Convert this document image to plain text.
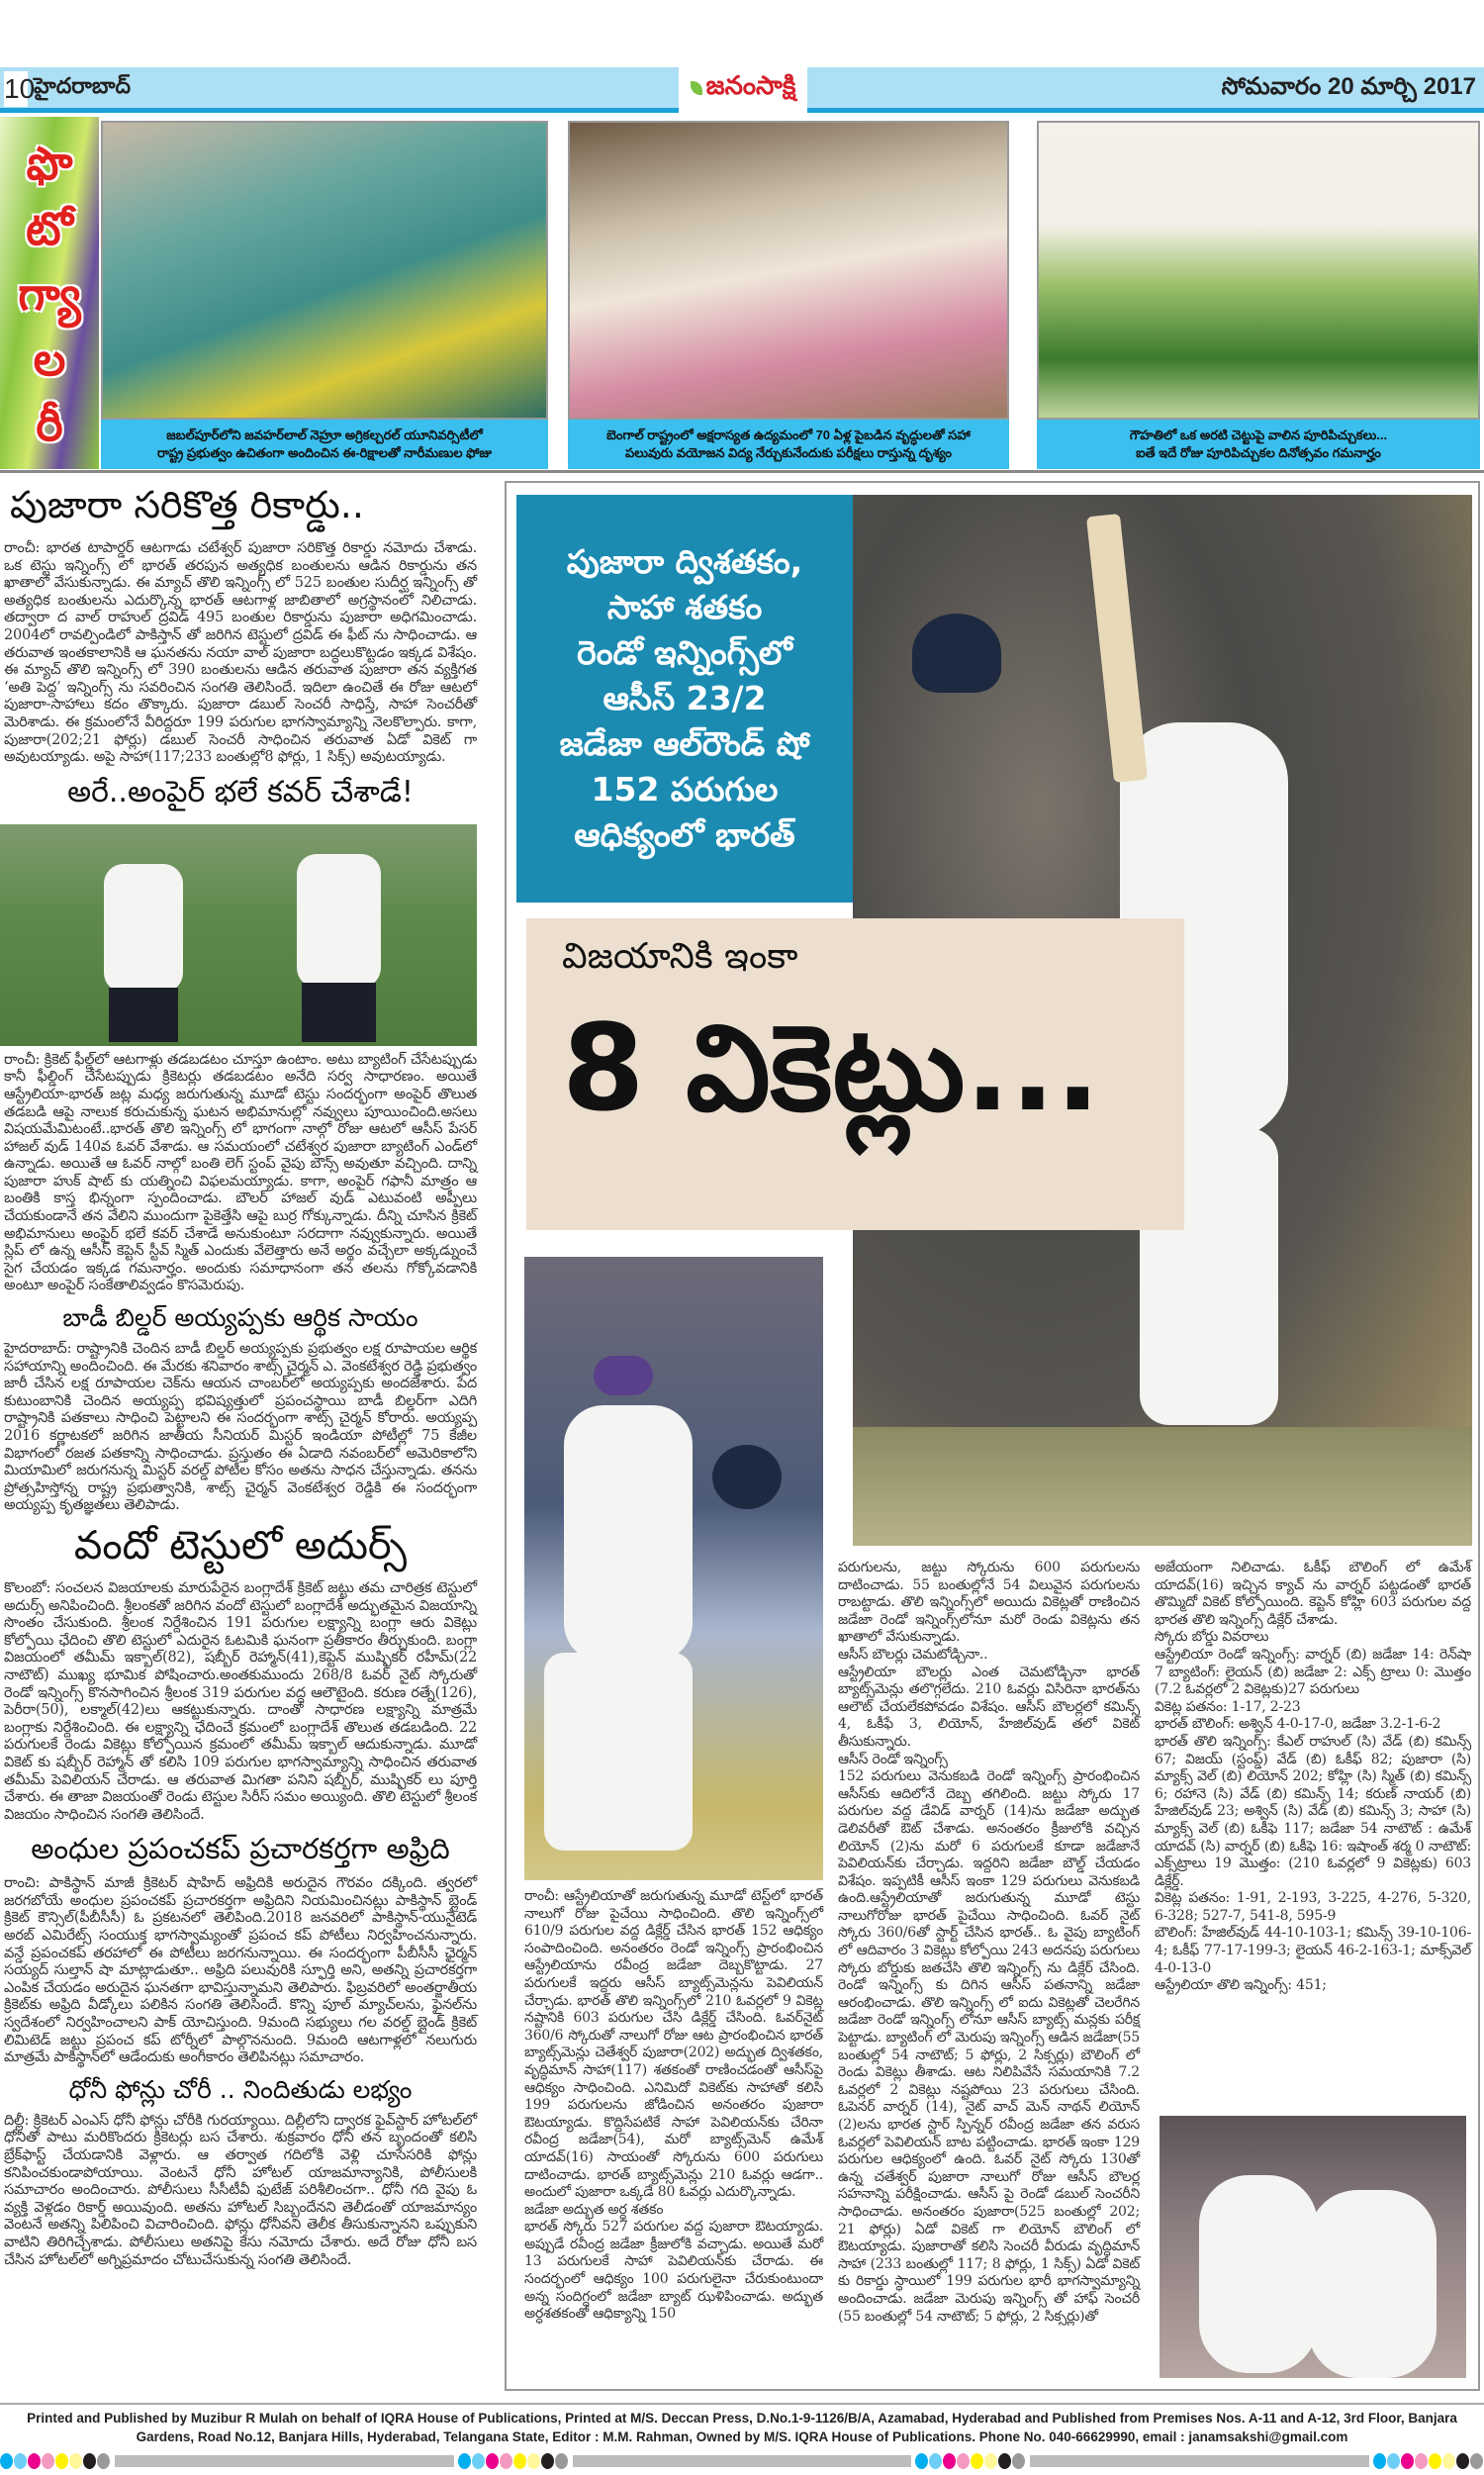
10
హైదరాబాద్	జనంసాక్షి	సోమవారం 20 మార్చి 2017
ఫొ
టో
గ్యా
ల
రీ	జబల్‌పూర్‌లోని జవహర్‌లాల్ నెహ్రూ అగ్రికల్చరల్ యూనివర్సిటీలో
రాష్ట్ర ప్రభుత్వం ఉచితంగా అందించిన ఈ-రిక్షాలతో నారీమణుల ఫోజు
బెంగాల్ రాష్ట్రంలో అక్షరాస్యత ఉద్యమంలో 70 ఏళ్ల పైబడిన వృద్ధులతో సహా
పలువురు వయోజన విద్య నేర్చుకునేందుకు పరీక్షలు రాస్తున్న దృశ్యం
గౌహతిలో ఒక అరటి చెట్టుపై వాలిన పూరిపిచ్చుకలు...
ఐతే ఇదే రోజు పూరిపిచ్చుకల దినోత్సవం గమనార్హం
పుజారా సరికొత్త రికార్డు..
రాంచీ: భారత టాపార్డర్ ఆటగాడు చటేశ్వర్ పుజారా సరికొత్త రికార్డు నమోదు చేశాడు. ఒక టెస్టు ఇన్నింగ్స్ లో భారత్ తరపున అత్యధిక బంతులను ఆడిన రికార్డును తన ఖాతాలో వేసుకున్నాడు. ఈ మ్యాచ్ తొలి ఇన్నింగ్స్ లో 525 బంతుల సుదీర్ఘ ఇన్నింగ్స్ తో అత్యధిక బంతులను ఎదుర్కొన్న భారత్ ఆటగాళ్ల జాబితాలో అగ్రస్థానంలో నిలిచాడు. తద్వారా ద వాల్ రాహుల్ ద్రవిడ్ 495 బంతుల రికార్డును పుజారా అధిగమించాడు. 2004లో రావల్పిండిలో పాకిస్తాన్ తో జరిగిన టెస్టులో ద్రవిడ్ ఈ ఫీట్ ను సాధించాడు. ఆ తరువాత ఇంతకాలానికి ఆ ఘనతను నయా వాల్ పుజారా బద్ధలుకొట్టడం ఇక్కడ విశేషం. ఈ మ్యాచ్ తొలి ఇన్నింగ్స్ లో 390 బంతులను ఆడిన తరువాత పుజారా తన వ్యక్తిగత ‘అతి పెద్ద’ ఇన్నింగ్స్ ను సవరించిన సంగతి తెలిసిందే. ఇదిలా ఉంచితే ఈ రోజు ఆటలో పుజారా-సాహాలు కదం తొక్కారు. పుజారా డబుల్ సెంచరీ సాధిస్తే, సాహా సెంచరీతో మెరిశాడు. ఈ క్రమంలోనే వీరిద్దరూ 199 పరుగుల భాగస్వామ్యాన్ని నెలకొల్పారు. కాగా, పుజారా(202;21 ఫోర్లు) డబుల్ సెంచరీ సాధించిన తరువాత ఏడో వికెట్ గా అవుటయ్యాడు. అపై సాహా(117;233 బంతుల్లో8 ఫోర్లు, 1 సిక్స్) అవుటయ్యాడు.
అరే..అంపైర్ భలే కవర్ చేశాడే!
రాంచీ: క్రికెట్ ఫీల్డ్‌లో ఆటగాళ్లు తడబడటం చూస్తూ ఉంటాం. అటు బ్యాటింగ్ చేసేటప్పుడు కానీ ఫీల్డింగ్ చేసేటప్పుడు క్రికెటర్లు తడబడటం అనేది సర్వ సాధారణం. అయితే ఆస్ట్రేలియా-భారత్ జట్ల మధ్య జరుగుతున్న మూడో టెస్టు సందర్భంగా అంపైర్ తొలుత తడబడి ఆపై నాలుక కరుచుకున్న ఘటన అభిమానుల్లో నవ్వులు పూయించింది.అసలు విషయమేమిటంటే..భారత్ తొలి ఇన్నింగ్స్ లో భాగంగా నాల్గో రోజు ఆటలో ఆసీస్ పేసర్ హాజల్ వుడ్ 140వ ఓవర్ వేశాడు. ఆ సమయంలో చటేశ్వర పుజారా బ్యాటింగ్ ఎండ్‌లో ఉన్నాడు. అయితే ఆ ఓవర్ నాల్గో బంతి లెగ్ స్టంప్ వైపు బౌన్స్ అవుతూ వచ్చింది. దాన్ని పుజారా హుక్ షాట్ కు యత్నించి విఫలమయ్యాడు. కాగా, అంపైర్ గఫానీ మాత్రం ఆ బంతికి కాస్త భిన్నంగా స్పందించాడు. బౌలర్ హాజల్ వుడ్ ఎటువంటి అప్పీలు చేయకుండానే తన వేలిని ముందుగా పైకెత్తేసి ఆపై బుర్ర గోక్కున్నాడు. దీన్ని చూసిన క్రికెట్ అభిమానులు అంపైర్ భలే కవర్ చేశాడే అనుకుంటూ సరదాగా నవ్వుకున్నారు. అయితే స్లిప్ లో ఉన్న ఆసీస్ కెప్టెన్ స్టీవ్ స్మిత్ ఎందుకు వేలెత్తారు అనే అర్థం వచ్చేలా అక్కడ్నుంచే సైగ చేయడం ఇక్కడ గమనార్హం. అందుకు సమాధానంగా తన తలను గోక్కోవడానికి అంటూ అంపైర్ సంకేతాలివ్వడం కొసమెరుపు.
బాడీ బిల్డర్ అయ్యప్పకు ఆర్థిక సాయం
హైదరాబాద్: రాష్ట్రానికి చెందిన బాడీ బిల్డర్ అయ్యప్పకు ప్రభుత్వం లక్ష రూపాయల ఆర్థిక సహాయాన్ని అందించింది. ఈ మేరకు శనివారం శాట్స్ చైర్మన్ ఎ. వెంకటేశ్వర రెడ్డి ప్రభుత్వం జారీ చేసిన లక్ష రూపాయల చెక్‌ను ఆయన చాంబర్‌లో అయ్యప్పకు అందజేశారు. పేద కుటుంబానికి చెందిన అయ్యప్ప భవిష్యత్తులో ప్రపంచస్థాయి బాడీ బిల్డర్‌గా ఎదిగి రాష్ట్రానికి పతకాలు సాధించి పెట్టాలని ఈ సందర్భంగా శాట్స్ చైర్మన్ కోరారు. అయ్యప్ప 2016 కర్ణాటకలో జరిగిన జాతీయ సీనియర్ మిస్టర్ ఇండియా పోటీల్లో 75 కేజీల విభాగంలో రజత పతకాన్ని సాధించాడు. ప్రస్తుతం ఈ ఏడాది నవంబర్‌లో అమెరికాలోని మియామిలో జరుగనున్న మిస్టర్ వరల్డ్ పోటీల కోసం అతను సాధన చేస్తున్నాడు. తనను ప్రోత్సహిస్తోన్న రాష్ట్ర ప్రభుత్వానికి, శాట్స్ చైర్మన్ వెంకటేశ్వర రెడ్డికి ఈ సందర్భంగా అయ్యప్ప కృతజ్ఞతలు తెలిపాడు.
వందో టెస్టులో అదుర్స్
కొలంబో: సంచలన విజయాలకు మారుపేరైన బంగ్లాదేశ్ క్రికెట్ జట్టు తమ చారిత్రక టెస్టులో అదుర్స్ అనిపించింది. శ్రీలంకతో జరిగిన వందో టెస్టులో బంగ్లాదేశ్ అద్భుతమైన విజయాన్ని సొంతం చేసుకుంది. శ్రీలంక నిర్దేశించిన 191 పరుగుల లక్ష్యాన్ని బంగ్లా ఆరు వికెట్లు కోల్పోయి ఛేదించి తొలి టెస్టులో ఎదురైన ఓటమికి ఘనంగా ప్రతీకారం తీర్చుకుంది. బంగ్లా విజయంలో తమీమ్ ఇక్బాల్(82), షబ్బీర్ రెహ్మాన్(41),కెప్టెన్ ముష్ఫికర్ రహీమ్(22 నాటౌట్) ముఖ్య భూమిక పోషించారు.అంతకుముందు 268/8 ఓవర్ నైట్ స్కోరుతో రెండో ఇన్నింగ్స్ కొనసాగించిన శ్రీలంక 319 పరుగుల వద్ద ఆలౌటైంది. కరుణ రత్నే(126), పెరీరా(50), లక్మాల్(42)లు ఆకట్టుకున్నారు. దాంతో సాధారణ లక్ష్యాన్ని మాత్రమే బంగ్లాకు నిర్దేశించింది. ఈ లక్ష్యాన్ని ఛేదించే క్రమంలో బంగ్లాదేశ్ తొలుత తడబడింది. 22 పరుగులకే రెండు వికెట్లు కోల్పోయిన క్రమంలో తమీమ్ ఇక్బాల్ ఆదుకున్నాడు. మూడో వికెట్ కు షబ్బీర్ రెహ్మాన్ తో కలిసి 109 పరుగుల భాగస్వామ్యాన్ని సాధించిన తరువాత తమీమ్ పెవిలియన్ చేరాడు. ఆ తరువాత మిగతా పనిని షబ్బీర్, ముష్ఫికర్ లు పూర్తి చేశారు. ఈ తాజా విజయంతో రెండు టెస్టుల సిరీస్ సమం అయ్యింది. తొలి టెస్టులో శ్రీలంక విజయం సాధించిన సంగతి తెలిసిందే.
అంధుల ప్రపంచకప్ ప్రచారకర్తగా అఫ్రిది
రాంచి: పాకిస్థాన్ మాజీ క్రికెటర్ షాహిద్ అఫ్రిదికి అరుదైన గౌరవం దక్కింది. త్వరలో జరగబోయే అంధుల ప్రపంచకప్ ప్రచారకర్తగా అఫ్రిదిని నియమించినట్లు పాకిస్థాన్ బ్లైండ్ క్రికెట్ కౌన్సిల్(పీబీసీసీ) ఓ ప్రకటనలో తెలిపింది.2018 జనవరిలో పాకిస్థాన్-యునైటెడ్ అరబ్ ఎమిరేట్స్ సంయుక్త భాగస్వామ్యంతో ప్రపంచ కప్ పోటీలు నిర్వహించనున్నారు. వన్డే ప్రపంచకప్ తరహాలో ఈ పోటీలు జరగనున్నాయి. ఈ సందర్భంగా పీబీసీసీ ఛైర్మన్ సయ్యద్ సుల్తాన్ షా మాట్లాడుతూ.. అఫ్రిది పలువురికి స్ఫూర్తి అని, అతన్ని ప్రచారకర్తగా ఎంపిక చేయడం అరుదైన ఘనతగా భావిస్తున్నామని తెలిపారు. ఫిబ్రవరిలో అంతర్జాతీయ క్రికెట్‌కు అఫ్రిది వీడ్కోలు పలికిన సంగతి తెలిసిందే. కొన్ని పూల్ మ్యాచ్‌లను, ఫైనల్‌ను స్వదేశంలో నిర్వహించాలని పాక్ యోచిస్తుంది. 9మంది సభ్యులు గల వరల్డ్ బ్లైండ్ క్రికెట్ లిమిటెడ్ జట్టు ప్రపంచ కప్ టోర్నీలో పాల్గొననుంది. 9మంది ఆటగాళ్లలో నలుగురు మాత్రమే పాకిస్థాన్‌లో ఆడేందుకు అంగీకారం తెలిపినట్లు సమాచారం.
ధోనీ ఫోన్లు చోరీ .. నిందితుడు లభ్యం
దిల్లీ: క్రికెటర్ ఎంఎస్ ధోనీ ఫోన్లు చోరీకి గురయ్యాయి. దిల్లీలోని ద్వారక ఫైవ్‌స్టార్ హోటల్‌లో ధోనీతో పాటు మరికొందరు క్రికెటర్లు బస చేశారు. శుక్రవారం ధోనీ తన బృందంతో కలిసి బ్రేక్‌ఫాస్ట్ చేయడానికి వెళ్లారు. ఆ తర్వాత గదిలోకి వెళ్లి చూసేసరికి ఫోన్లు కనిపించకుండాపోయాయి. వెంటనే ధోనీ హోటల్ యాజమాన్యానికి, పోలీసులకి సమాచారం అందించారు. పోలీసులు సీసీటీవీ ఫుటేజ్ పరిశీలించగా.. ధోనీ గది వైపు ఓ వ్యక్తి వెళ్లడం రికార్డ్ అయివుంది. అతను హోటల్ సిబ్బందేనని తెలీడంతో యాజమాన్యం వెంటనే అతన్ని పిలిపించి విచారించింది. ఫోన్లు ధోనీవని తెలీక తీసుకున్నానని ఒప్పుకుని వాటిని తిరిగిచ్చేశాడు. పోలీసులు అతనిపై కేసు నమోదు చేశారు. అదే రోజు ధోనీ బస చేసిన హోటల్‌లో అగ్నిప్రమాదం చోటుచేసుకున్న సంగతి తెలిసిందే.
పుజారా ద్విశతకం,
సాహా శతకం
రెండో ఇన్నింగ్స్‌లో
ఆసీస్ 23/2
జడేజా ఆల్‌రౌండ్ షో
152 పరుగుల
ఆధిక్యంలో భారత్
విజయానికి ఇంకా
8 వికెట్లు...

రాంచీ: ఆస్ట్రేలియాతో జరుగుతున్న మూడో టెస్ట్‌లో భారత్ నాలుగో రోజు పైచేయి సాధించింది. తొలి ఇన్నింగ్స్‌లో 610/9 పరుగుల వద్ద డిక్లేర్డ్ చేసిన భారత్ 152 ఆధిక్యం సంపాదించింది. అనంతరం రెండో ఇన్నింగ్స్ ప్రారంభించిన ఆస్ట్రేలియాను రవీంద్ర జడేజా దెబ్బకొట్టాడు. 27 పరుగులకే ఇద్దరు ఆసీస్ బ్యాట్స్‌మెన్లను పెవిలియన్ చేర్చాడు. భారత్ తొలి ఇన్నింగ్స్‌లో 210 ఓవర్లలో 9 వికెట్ల నష్టానికి 603 పరుగుల చేసి డిక్లేర్డ్ చేసింది. ఓవర్‌నైట్ 360/6 స్కోరుతో నాలుగో రోజు ఆట ప్రారంభించిన భారత్ బ్యాట్స్‌మెన్లు చెతేశ్వర్ పుజారా(202) అద్భుత ద్విశతకం, వృద్ధిమాన్ సాహా(117) శతకంతో రాణించడంతో ఆసీస్‌పై ఆధిక్యం సాధించింది. ఎనిమిదో వికెట్‌కు సాహాతో కలిసి 199 పరుగులను జోడించిన అనంతరం పుజారా ఔటయ్యాడు. కొద్దిసేపటికే సాహా పెవిలియన్‌కు చేరినా రవీంద్ర జడేజా(54), మరో బ్యాట్స్‌మెన్ ఉమేశ్ యాదవ్(16) సాయంతో స్కోరును 600 పరుగులు దాటించాడు. భారత్ బ్యాట్స్‌మెన్లు 210 ఓవర్లు ఆడగా.. అందులో పుజారా ఒక్కడే 80 ఓవర్లు ఎదుర్కొన్నాడు.

జడేజా అద్భుత అర్ధ శతకం

భారత్ స్కోరు 527 పరుగుల వద్ద పుజారా ఔటయ్యాడు. అప్పుడే రవీంద్ర జడేజా క్రీజులోకి వచ్చాడు. అయితే మరో 13 పరుగులకే సాహా పెవిలియన్‌కు చేరాడు. ఈ సందర్భంలో ఆధిక్యం 100 పరుగులైనా చేరుకుంటుందా అన్న సందిగ్ధంలో జడేజా బ్యాట్ ఝళిపించాడు. అద్భుత అర్ధశతకంతో ఆధిక్యాన్ని 150

పరుగులను, జట్టు స్కోరును 600 పరుగులను దాటించాడు. 55 బంతుల్లోనే 54 విలువైన పరుగులను రాబట్టాడు. తొలి ఇన్నింగ్స్‌లో అయిదు వికెట్లతో రాణించిన జడేజా రెండో ఇన్నింగ్స్‌లోనూ మరో రెండు వికెట్లను తన ఖాతాలో వేసుకున్నాడు.

ఆసీస్ బౌలర్లు చెమటోడ్చినా..

ఆస్ట్రేలియా బౌలర్లు ఎంత చెమటోడ్చినా భారత్ బ్యాట్స్‌మెన్లు తలొగ్గలేదు. 210 ఓవర్లు విసిరినా భారత్‌ను ఆలౌట్ చేయలేకపోవడం విశేషం. ఆసీస్ బౌలర్లలో కమిన్స్ 4, ఓకీఫే 3, లియోన్, హేజిల్‌వుడ్ తలో వికెట్ తీసుకున్నారు.

ఆసీస్ రెండో ఇన్నింగ్స్

152 పరుగులు వెనుకబడి రెండో ఇన్నింగ్స్ ప్రారంభించిన ఆసీస్‌కు ఆదిలోనే దెబ్బ తగిలింది. జట్టు స్కోరు 17 పరుగుల వద్ద డేవిడ్ వార్నర్ (14)ను జడేజా అద్భుత డెలివరీతో ఔట్ చేశాడు. అనంతరం క్రీజులోకి వచ్చిన లియోన్ (2)ను మరో 6 పరుగులకే కూడా జడేజానే పెవిలియన్‌కు చేర్చాడు. ఇద్దరిని జడేజా బౌల్డ్ చేయడం విశేషం. ఇప్పటికీ ఆసీస్ ఇంకా 129 పరుగులు వెనుకబడి ఉంది.ఆస్ట్రేలియాతో జరుగుతున్న మూడో టెస్టు నాలుగోరోజు భారత్ పైచేయి సాధించింది. ఓవర్ నైట్ స్కోరు 360/6తో స్టార్ట్ చేసిన భారత్.. ఓ వైపు బ్యాటింగ్ లో ఆదివారం 3 వికెట్లు కోల్పోయి 243 అదనపు పరుగులు స్కోరు బోర్డుకు జతచేసి తొలి ఇన్నింగ్స్ ను డిక్లేర్ చేసింది. రెండో ఇన్నింగ్స్ కు దిగిన ఆసీస్ పతనాన్ని జడేజా ఆరంభించాడు. తొలి ఇన్నింగ్స్ లో ఐదు వికెట్లతో చెలరేగిన జడేజా రెండో ఇన్నింగ్స్ లోనూ ఆసీస్ బ్యాట్స్ మన్లకు పరీక్ష పెట్టాడు. బ్యాటింగ్ లో మెరుపు ఇన్నింగ్స్ ఆడిన జడేజా(55 బంతుల్లో 54 నాటౌట్; 5 ఫోర్లు, 2 సిక్సర్లు) బౌలింగ్ లో రెండు వికెట్లు తీశాడు. ఆట నిలిపివేసే సమయానికి 7.2 ఓవర్లలో 2 వికెట్లు నష్టపోయి 23 పరుగులు చేసింది. ఓపెనర్ వార్నర్ (14), నైట్ వాచ్ మెన్ నాథన్ లియోన్ (2)లను భారత స్టార్ స్పిన్నర్ రవీంద్ర జడేజా తన వరుస ఓవర్లలో పెవిలియన్ బాట పట్టించాడు. భారత్ ఇంకా 129 పరుగుల ఆధిక్యంలో ఉంది. ఓవర్ నైట్ స్కోరు 130తో ఉన్న చతేశ్వర్ పుజారా నాలుగో రోజు ఆసీస్ బౌలర్ల సహనాన్ని పరీక్షించాడు. ఆసీస్ పై రెండో డబుల్ సెంచరీని సాధించాడు. అనంతరం పుజారా(525 బంతుల్లో 202; 21 ఫోర్లు) ఏడో వికెట్ గా లియోన్ బౌలింగ్ లో ఔటయ్యాడు. పుజారాతో కలిసి సెంచరీ వీరుడు వృద్ధిమాన్ సాహా (233 బంతుల్లో 117; 8 ఫోర్లు, 1 సిక్స్) ఏడో వికెట్ కు రికార్డు స్థాయిలో 199 పరుగుల భారీ భాగస్వామ్యాన్ని అందించాడు. జడేజా మెరుపు ఇన్నింగ్స్ తో హాఫ్ సెంచరీ (55 బంతుల్లో 54 నాటౌట్; 5 ఫోర్లు, 2 సిక్సర్లు)తో

అజేయంగా నిలిచాడు. ఓకీఫ్ బౌలింగ్ లో ఉమేశ్ యాదవ్(16) ఇచ్చిన క్యాచ్ ను వార్నర్ పట్టడంతో భారత్ తొమ్మిదో వికెట్ కోల్పోయింది. కెప్టెన్ కోహ్లి 603 పరుగుల వద్ద భారత తొలి ఇన్నింగ్స్ డిక్లేర్ చేశాడు.

స్కోరు బోర్డు వివరాలు

ఆస్ట్రేలియా రెండో ఇన్నింగ్స్: వార్నర్ (బి) జడేజా 14: రెన్‌షా 7 బ్యాటింగ్: లైయన్ (బి) జడేజా 2: ఎక్స్ ట్రాలు 0: మొత్తం (7.2 ఓవర్లలో 2 వికెట్లకు)27 పరుగులు

వికెట్ల పతనం: 1-17, 2-23

భారత్ బౌలింగ్: అశ్విన్ 4-0-17-0, జడేజా 3.2-1-6-2

భారత్ తొలి ఇన్నింగ్స్: కేఎల్ రాహుల్ (సి) వేడ్ (బి) కమిన్స్ 67; విజయ్ (స్టంప్డ్) వేడ్ (బి) ఓకీఫ్ 82; పుజారా (సి) మ్యాక్స్ వెల్ (బి) లియోన్ 202; కోహ్లి (సి) స్మిత్ (బి) కమిన్స్ 6; రహానె (సి) వేడ్ (బి) కమిన్స్ 14; కరుణ్ నాయర్ (బి) హేజిల్‌వుడ్ 23; అశ్విన్ (సి) వేడ్ (బి) కమిన్స్ 3; సాహా (సి) మ్యాక్స్ వెల్ (బి) ఓకీఫె 117; జడేజా 54 నాటౌట్ : ఉమేశ్ యాదవ్ (సి) వార్నర్ (బి) ఓకీఫె 16: ఇషాంత్ శర్మ 0 నాటౌట్: ఎక్స్‌ట్రాలు 19 మొత్తం: (210 ఓవర్లలో 9 వికెట్లకు) 603 డిక్లేర్డ్.

వికెట్ల పతనం: 1-91, 2-193, 3-225, 4-276, 5-320, 6-328; 527-7, 541-8, 595-9

బౌలింగ్: హేజిల్‌వుడ్ 44-10-103-1; కమిన్స్ 39-10-106-4; ఓకీఫ్ 77-17-199-3; లైయన్ 46-2-163-1; మాక్స్‌వెల్ 4-0-13-0

ఆస్ట్రేలియా తొలి ఇన్నింగ్స్: 451;

Printed and Published by Muzibur R Mulah on behalf of IQRA House of Publications, Printed at M/S. Deccan Press, D.No.1-9-1126/B/A, Azamabad, Hyderabad and Published from Premises Nos. A-11 and A-12, 3rd Floor, Banjara Gardens, Road No.12, Banjara Hills, Hyderabad, Telangana State, Editor : M.M. Rahman, Owned by M/S. IQRA House of Publications. Phone No. 040-66629990, email : janamsakshi@gmail.com
